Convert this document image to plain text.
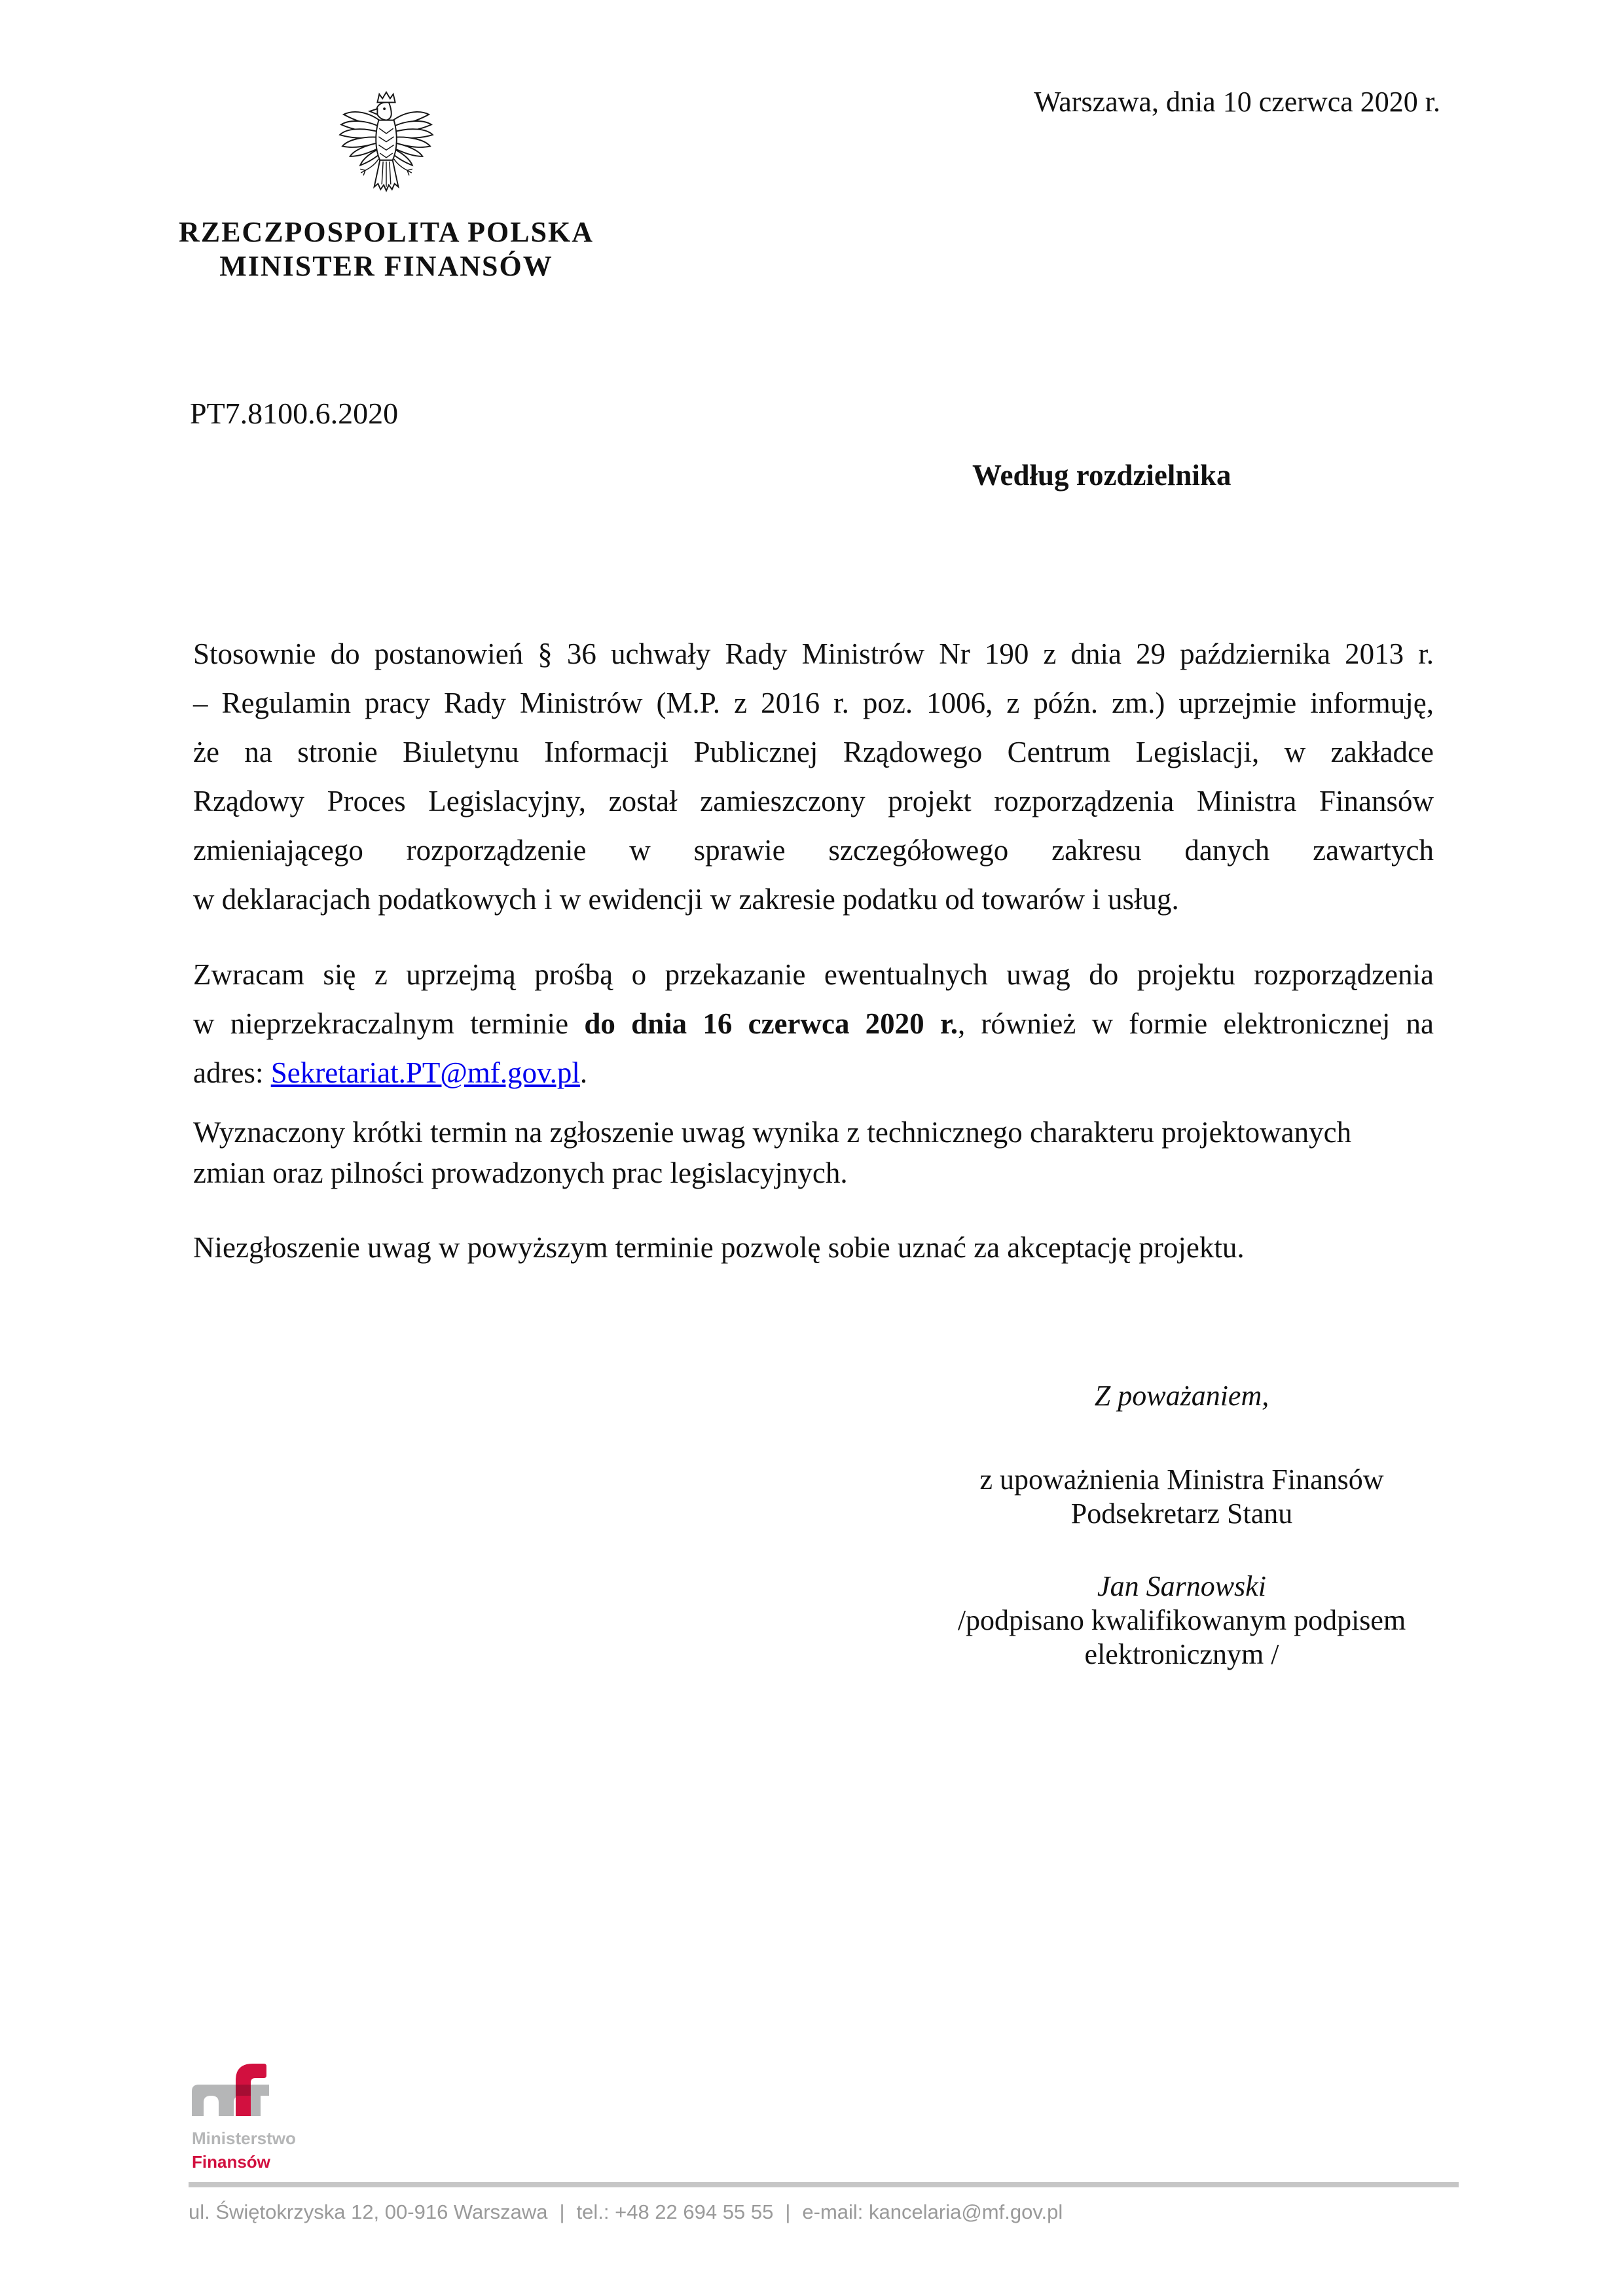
Warszawa, dnia 10 czerwca 2020 r.
RZECZPOSPOLITA POLSKA
MINISTER FINANSÓW
PT7.8100.6.2020
Według rozdzielnika
Stosownie do postanowień § 36 uchwały Rady Ministrów Nr 190 z dnia 29 października 2013 r.
– Regulamin pracy Rady Ministrów (M.P. z 2016 r. poz. 1006, z późn. zm.) uprzejmie informuję,
że na stronie Biuletynu Informacji Publicznej Rządowego Centrum Legislacji, w zakładce
Rządowy Proces Legislacyjny, został zamieszczony projekt rozporządzenia Ministra Finansów
zmieniającego rozporządzenie w sprawie szczegółowego zakresu danych zawartych
w deklaracjach podatkowych i w ewidencji w zakresie podatku od towarów i usług.
Zwracam się z uprzejmą prośbą o przekazanie ewentualnych uwag do projektu rozporządzenia
w nieprzekraczalnym terminie do dnia 16 czerwca 2020 r., również w formie elektronicznej na
adres: Sekretariat.PT@mf.gov.pl.
Wyznaczony krótki termin na zgłoszenie uwag wynika z technicznego charakteru projektowanych
zmian oraz pilności prowadzonych prac legislacyjnych.
Niezgłoszenie uwag w powyższym terminie pozwolę sobie uznać za akceptację projektu.
Z poważaniem,
z upoważnienia Ministra Finansów
Podsekretarz Stanu
Jan Sarnowski
/podpisano kwalifikowanym podpisem
elektronicznym /
Ministerstwo
Finansów
ul. Świętokrzyska 12, 00-916 Warszawa | tel.: +48 22 694 55 55 | e-mail: kancelaria@mf.gov.pl
